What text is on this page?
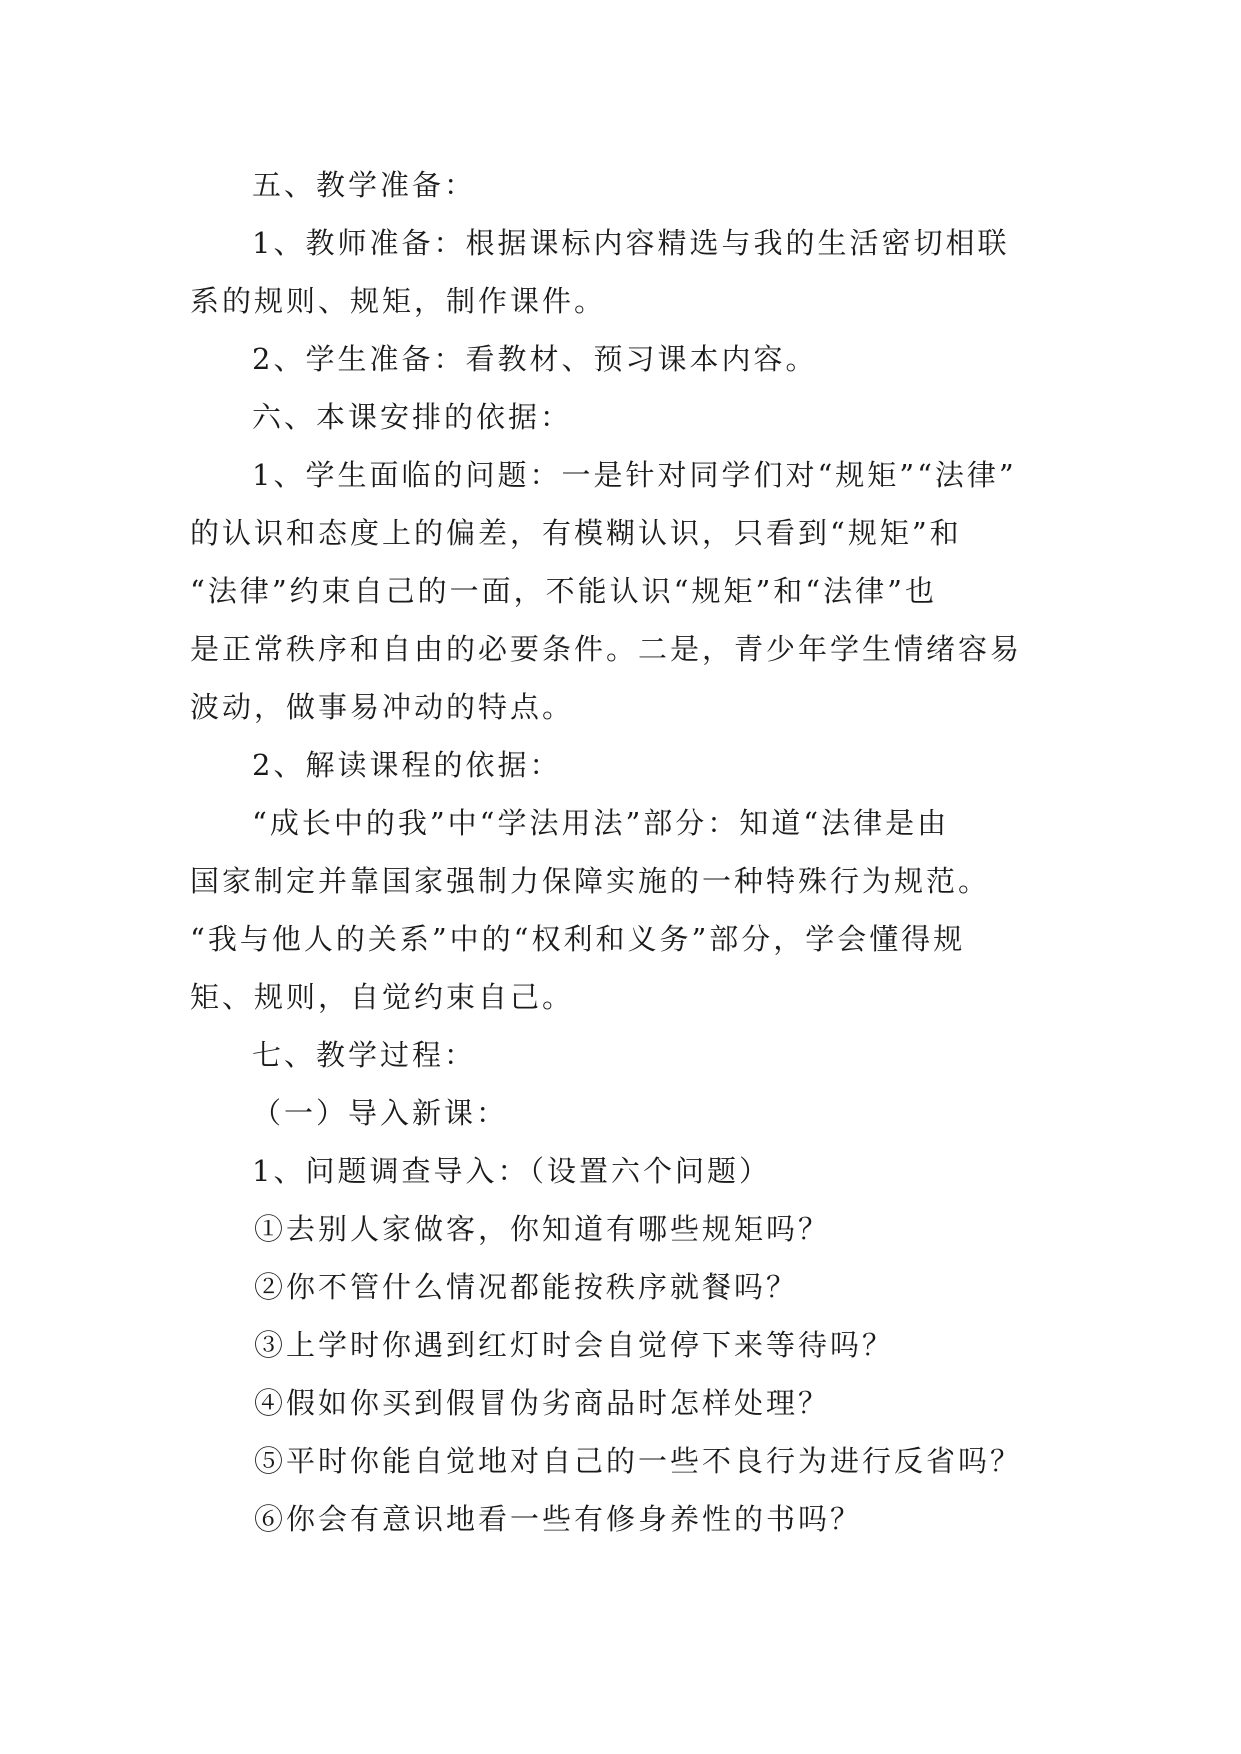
五、教学准备：
1、教师准备：根据课标内容精选与我的生活密切相联
系的规则、规矩，制作课件。
2、学生准备：看教材、预习课本内容。
六、本课安排的依据：
1、学生面临的问题：一是针对同学们对“规矩”“法律”
的认识和态度上的偏差，有模糊认识，只看到“规矩”和
“法律”约束自己的一面，不能认识“规矩”和“法律”也
是正常秩序和自由的必要条件。二是，青少年学生情绪容易
波动，做事易冲动的特点。
2、解读课程的依据：
“成长中的我”中“学法用法”部分：知道“法律是由
国家制定并靠国家强制力保障实施的一种特殊行为规范。
“我与他人的关系”中的“权利和义务”部分，学会懂得规
矩、规则，自觉约束自己。
七、教学过程：
（一）导入新课：
1、问题调查导入：（设置六个问题）
①去别人家做客，你知道有哪些规矩吗？
②你不管什么情况都能按秩序就餐吗？
③上学时你遇到红灯时会自觉停下来等待吗？
④假如你买到假冒伪劣商品时怎样处理？
⑤平时你能自觉地对自己的一些不良行为进行反省吗？
⑥你会有意识地看一些有修身养性的书吗？
